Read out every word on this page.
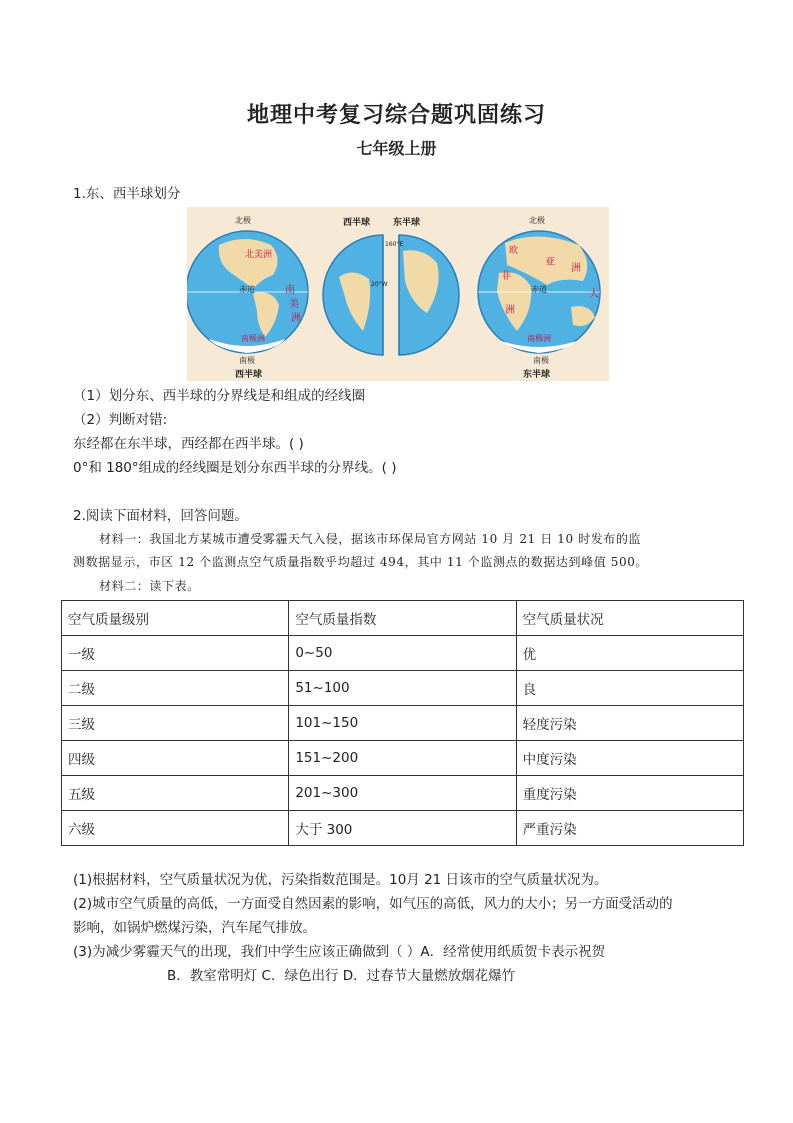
地理中考复习综合题巩固练习
七年级上册
1.东、西半球划分
北极
北美洲
赤道	南
美
洲
南极洲
南极
西半球
西半球	东半球
160°E
20°W
北极
欧
亚
洲
非
洲
赤道	大
南极洲
南极
东半球
（1）划分东、西半球的分界线是和组成的经线圈
（2）判断对错:
东经都在东半球，西经都在西半球。( )
0°和 180°组成的经线圈是划分东西半球的分界线。( )
2.阅读下面材料，回答问题。
材料一：我国北方某城市遭受雾霾天气入侵，据该市环保局官方网站 10 月 21 日 10 时发布的监
测数据显示，市区 12 个监测点空气质量指数乎均超过 494，其中 11 个监测点的数据达到峰值 500。
材料二：读下表。
空气质量级别	空气质量指数	空气质量状况
一级	0~50	优
二级	51~100	良
三级	101~150	轻度污染
四级	151~200	中度污染
五级	201~300	重度污染
六级	大于 300	严重污染
(1)根据材料，空气质量状况为优，污染指数范围是。10月 21 日该市的空气质量状况为。
(2)城市空气质量的高低，一方面受自然因素的影响，如气压的高低，风力的大小；另一方面受活动的
影响，如锅炉燃煤污染，汽车尾气排放。
(3)为减少雾霾天气的出现，我们中学生应该正确做到（ ）A．经常使用纸质贺卡表示祝贺
B．教室常明灯 C．绿色出行 D．过春节大量燃放烟花爆竹
